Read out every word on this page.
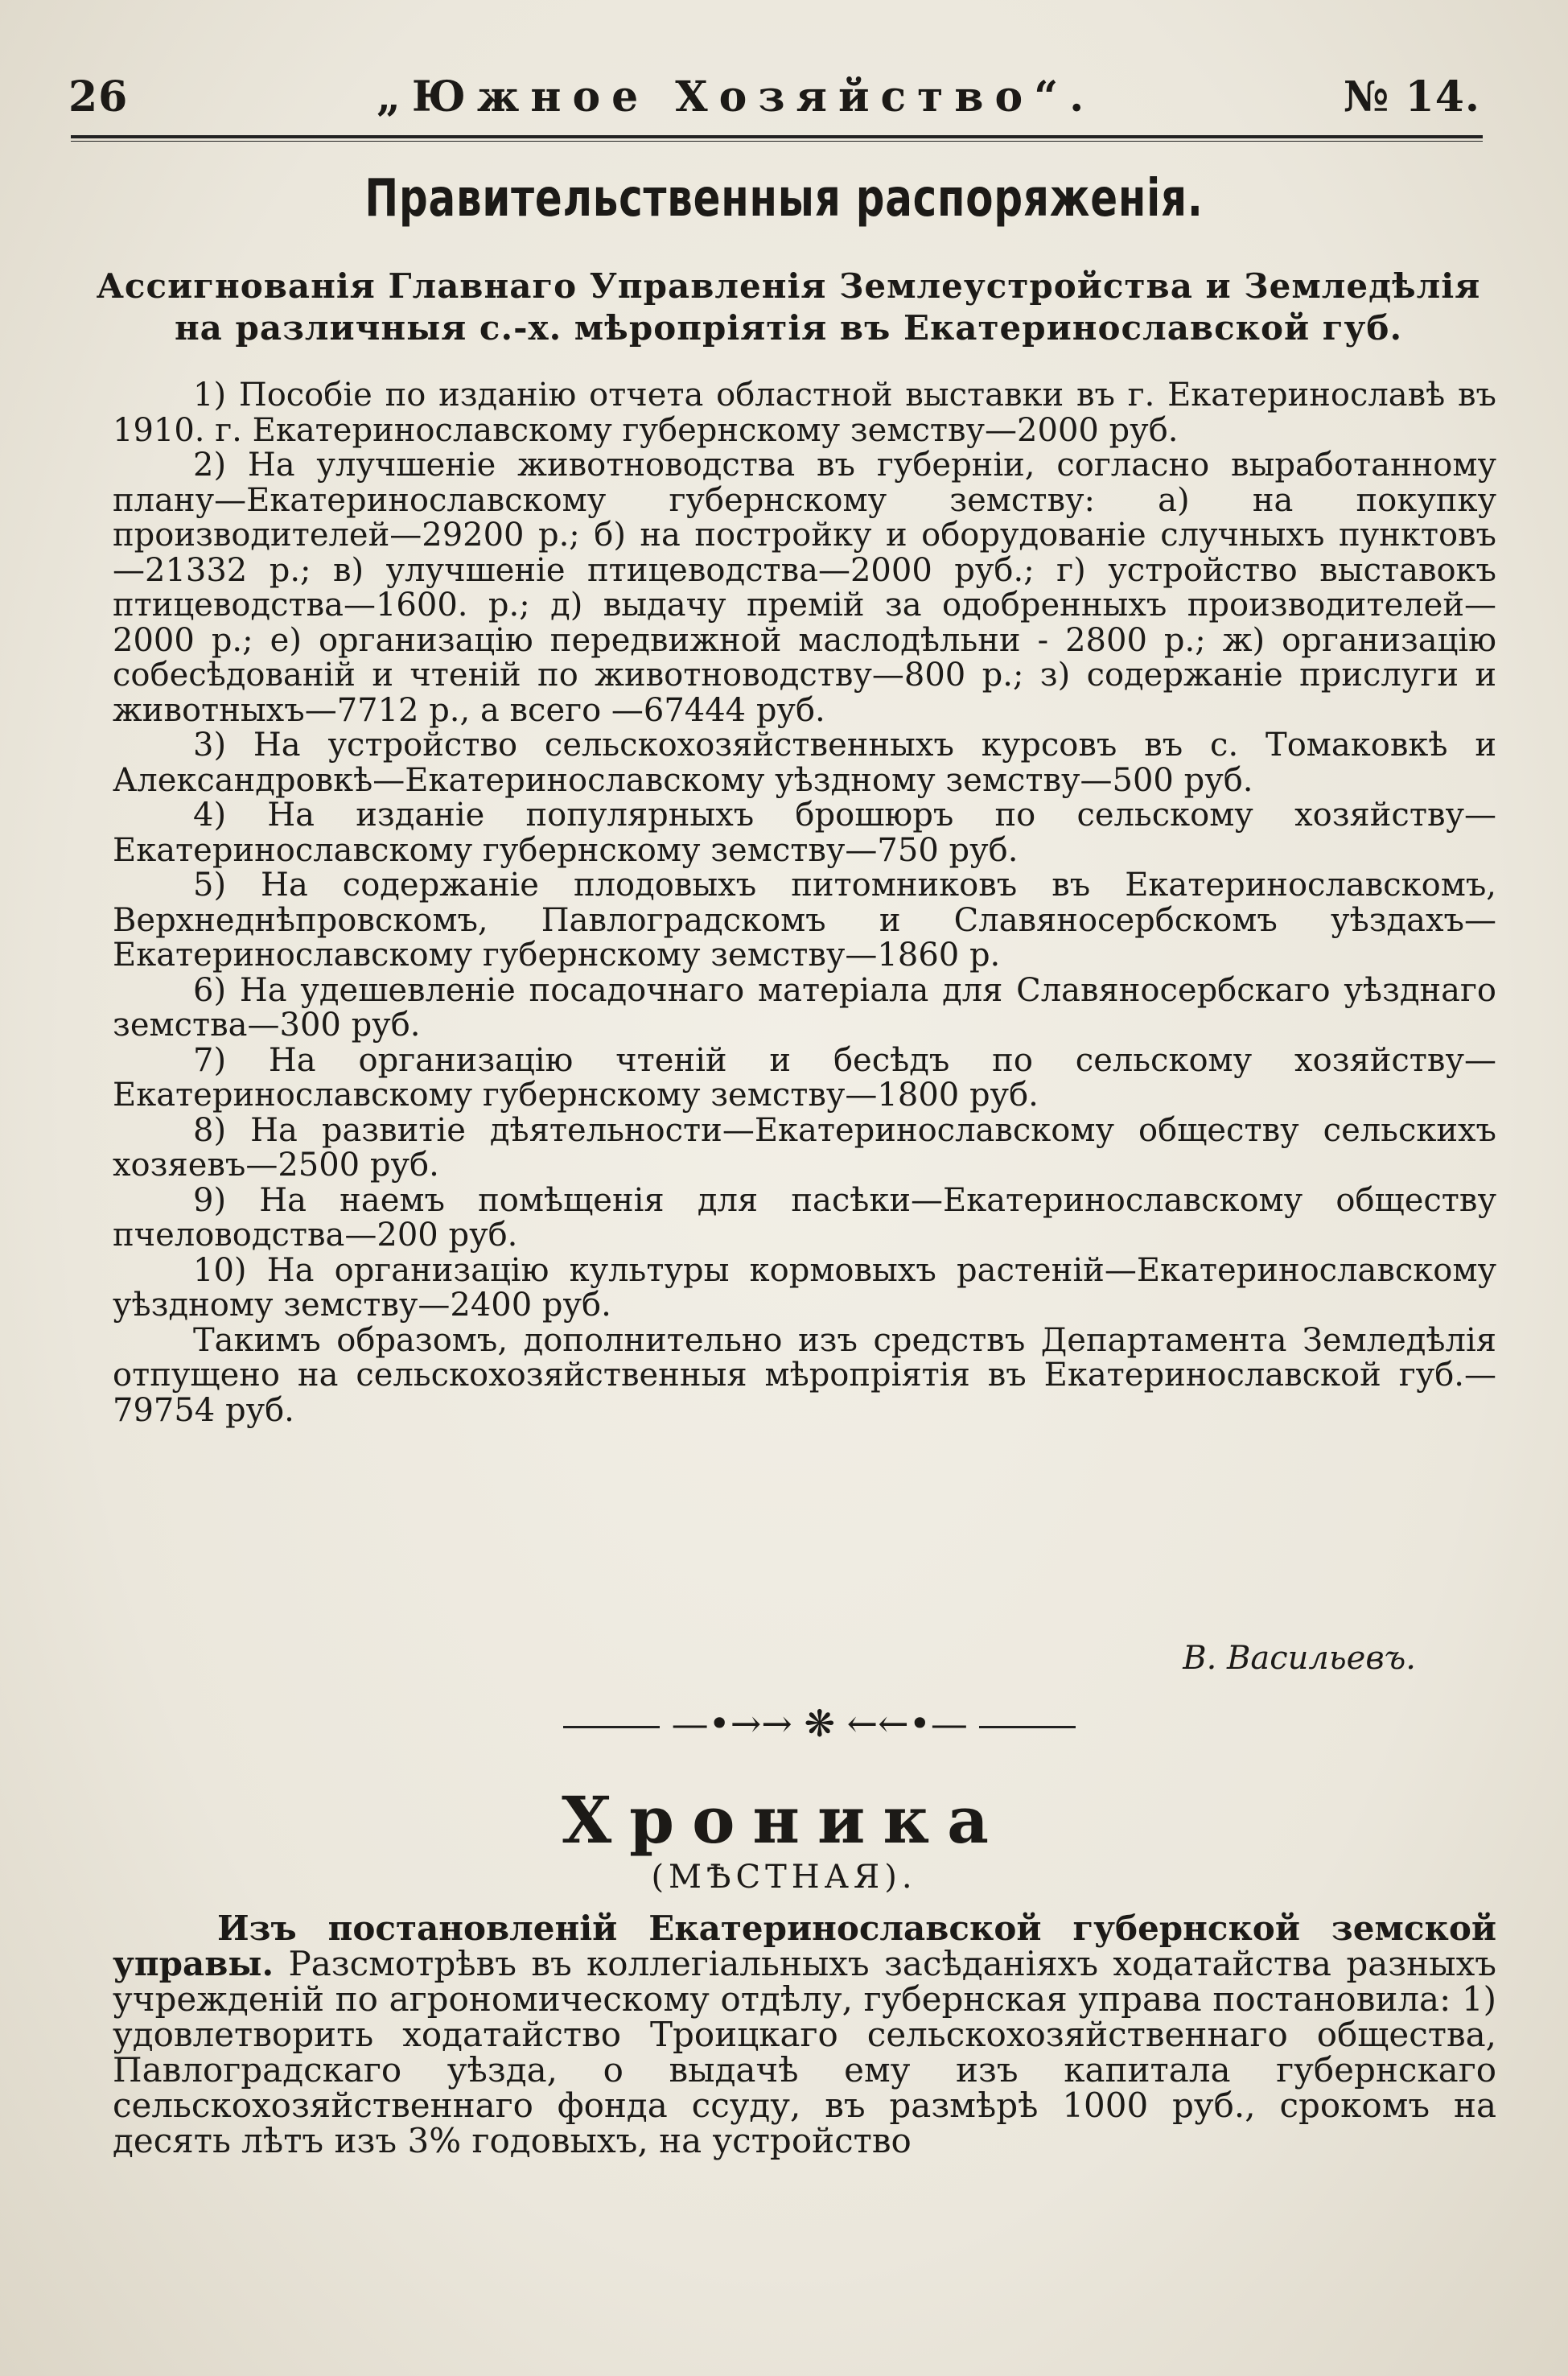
26	„Южное Хозяйство“.	№ 14.
Правительственныя распоряженія.
Ассигнованія Главнаго Управленія Землеустройства и Земледѣлія на различныя с.-х. мѣропріятія въ Екатеринославской губ.

1) Пособіе по изданію отчета областной выставки въ г. Екатеринославѣ въ 1910. г. Екатеринославскому губернскому земству—2000 руб.

2) На улучшеніе животноводства въ губерніи, согласно выработанному плану—Екатеринославскому губернскому земству: а) на покупку производителей—29200 р.; б) на постройку и оборудованіе случныхъ пунктовъ—21332 р.; в) улучшеніе птицеводства—2000 руб.; г) устройство выставокъ птицеводства—1600. р.; д) выдачу премій за одобренныхъ производителей—2000 р.; е) организацію передвижной маслодѣльни - 2800 р.; ж) организацію собесѣдованій и чтеній по животноводству—800 р.; з) содержаніе прислуги и животныхъ—7712 р., а всего —67444 руб.

3) На устройство сельскохозяйственныхъ курсовъ въ с. Томаковкѣ и Александровкѣ—Екатеринославскому уѣздному земству—500 руб.

4) На изданіе популярныхъ брошюръ по сельскому хозяйству—Екатеринославскому губернскому земству—750 руб.

5) На содержаніе плодовыхъ питомниковъ въ Екатеринославскомъ, Верхнеднѣпровскомъ, Павлоградскомъ и Славяносербскомъ уѣздахъ— Екатеринославскому губернскому земству—1860 р.

6) На удешевленіе посадочнаго матеріала для Славяносербскаго уѣзднаго земства—300 руб.

7) На организацію чтеній и бесѣдъ по сельскому хозяйству—Екатеринославскому губернскому земству—1800 руб.

8) На развитіе дѣятельности—Екатеринославскому обществу сельскихъ хозяевъ—2500 руб.

9) На наемъ помѣщенія для пасѣки—Екатеринославскому обществу пчеловодства—200 руб.

10) На организацію культуры кормовыхъ растеній—Екатеринославскому уѣздному земству—2400 руб.

Такимъ образомъ, дополнительно изъ средствъ Департамента Земледѣлія отпущено на сельскохозяйственныя мѣропріятія въ Екатеринославской губ.—79754 руб.

В. Васильевъ.
—•→→ ❋ ←←•—
Хроника
(МѢСТНАЯ).

Изъ постановленій Екатеринославской губернской земской управы. Разсмотрѣвъ въ коллегіальныхъ засѣданіяхъ ходатайства разныхъ учрежденій по агрономическому отдѣлу, губернская управа постановила: 1) удовлетворить ходатайство Троицкаго сельскохозяйственнаго общества, Павлоградскаго уѣзда, о выдачѣ ему изъ капитала губернскаго сельскохозяйственнаго фонда ссуду, въ размѣрѣ 1000 руб., срокомъ на десять лѣтъ изъ 3% годовыхъ, на устройство
